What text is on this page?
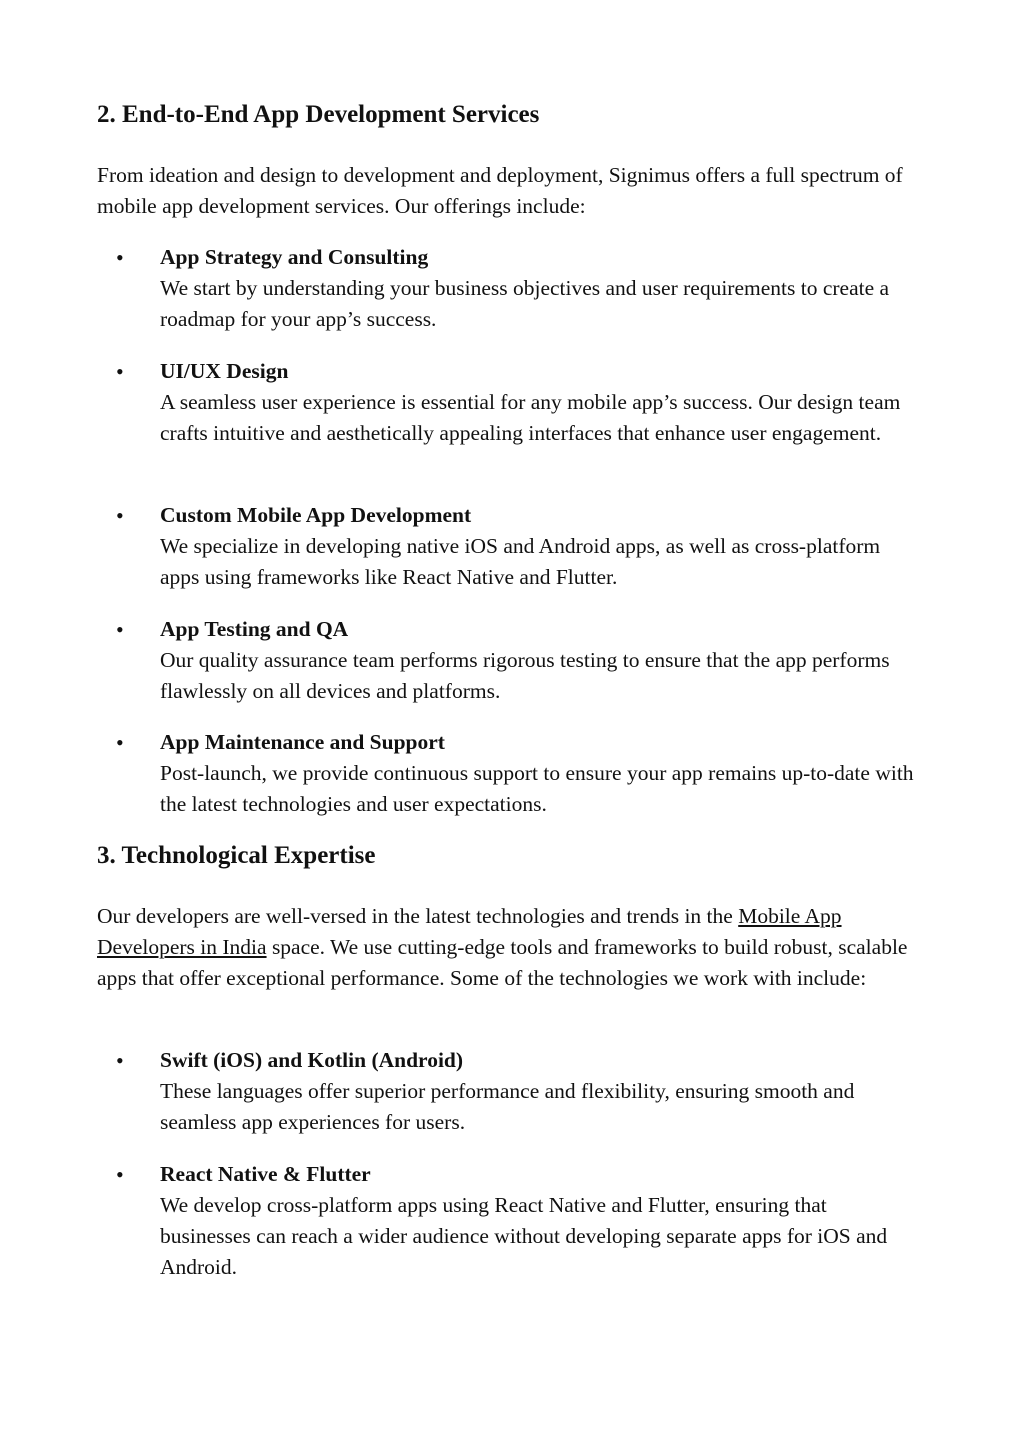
2. End-to-End App Development Services

From ideation and design to development and deployment, Signimus offers a full spectrum of mobile app development services. Our offerings include:

• App Strategy and Consulting
We start by understanding your business objectives and user requirements to create a roadmap for your app’s success.
• UI/UX Design
A seamless user experience is essential for any mobile app’s success. Our design team crafts intuitive and aesthetically appealing interfaces that enhance user engagement.
• Custom Mobile App Development
We specialize in developing native iOS and Android apps, as well as cross-platform apps using frameworks like React Native and Flutter.
• App Testing and QA
Our quality assurance team performs rigorous testing to ensure that the app performs flawlessly on all devices and platforms.
• App Maintenance and Support
Post-launch, we provide continuous support to ensure your app remains up-to-date with the latest technologies and user expectations.
3. Technological Expertise

Our developers are well-versed in the latest technologies and trends in the Mobile App Developers in India space. We use cutting-edge tools and frameworks to build robust, scalable apps that offer exceptional performance. Some of the technologies we work with include:

• Swift (iOS) and Kotlin (Android)
These languages offer superior performance and flexibility, ensuring smooth and seamless app experiences for users.
• React Native & Flutter
We develop cross-platform apps using React Native and Flutter, ensuring that businesses can reach a wider audience without developing separate apps for iOS and Android.
